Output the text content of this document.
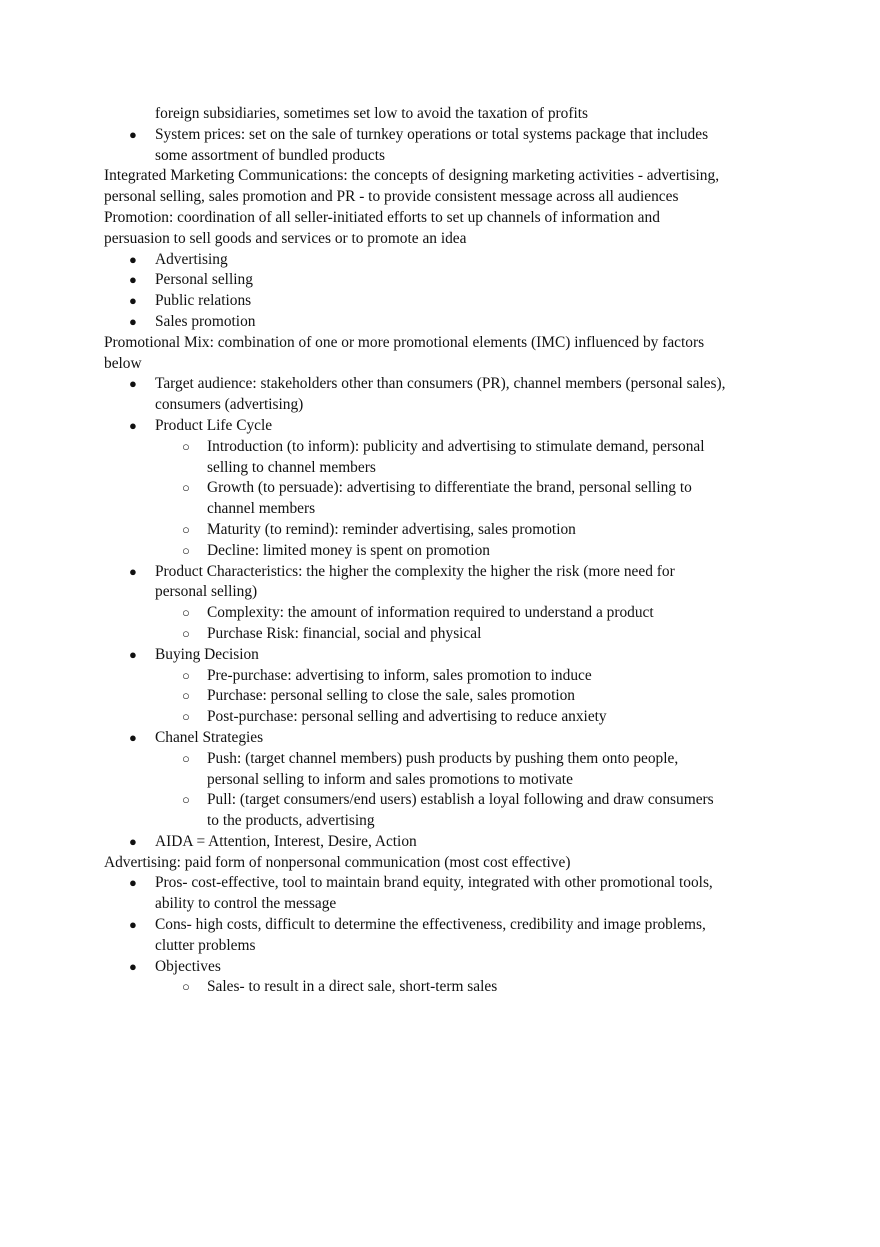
foreign subsidiaries, sometimes set low to avoid the taxation of profits

● System prices: set on the sale of turnkey operations or total systems package that includes some assortment of bundled products

Integrated Marketing Communications: the concepts of designing marketing activities - advertising, personal selling, sales promotion and PR - to provide consistent message across all audiences

Promotion: coordination of all seller-initiated efforts to set up channels of information and persuasion to sell goods and services or to promote an idea

● Advertising
● Personal selling
● Public relations
● Sales promotion

Promotional Mix: combination of one or more promotional elements (IMC) influenced by factors below

● Target audience: stakeholders other than consumers (PR), channel members (personal sales), consumers (advertising)
● Product Life Cycle
○ Introduction (to inform): publicity and advertising to stimulate demand, personal selling to channel members
○ Growth (to persuade): advertising to differentiate the brand, personal selling to channel members
○ Maturity (to remind): reminder advertising, sales promotion
○ Decline: limited money is spent on promotion
● Product Characteristics: the higher the complexity the higher the risk (more need for personal selling)
○ Complexity: the amount of information required to understand a product
○ Purchase Risk: financial, social and physical
● Buying Decision
○ Pre-purchase: advertising to inform, sales promotion to induce
○ Purchase: personal selling to close the sale, sales promotion
○ Post-purchase: personal selling and advertising to reduce anxiety
● Chanel Strategies
○ Push: (target channel members) push products by pushing them onto people, personal selling to inform and sales promotions to motivate
○ Pull: (target consumers/end users) establish a loyal following and draw consumers to the products, advertising
● AIDA = Attention, Interest, Desire, Action

Advertising: paid form of nonpersonal communication (most cost effective)

● Pros- cost-effective, tool to maintain brand equity, integrated with other promotional tools, ability to control the message
● Cons- high costs, difficult to determine the effectiveness, credibility and image problems, clutter problems
● Objectives
○ Sales- to result in a direct sale, short-term sales
